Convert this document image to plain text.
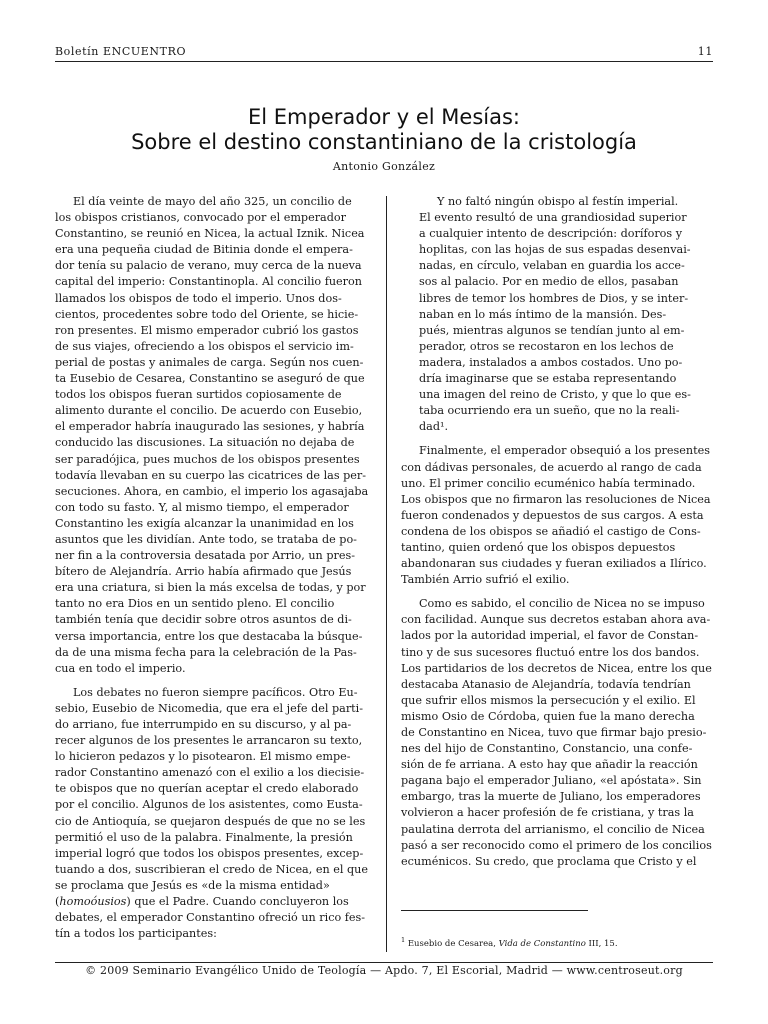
Boletín ENCUENTRO	11
El Emperador y el Mesías:
Sobre el destino constantiniano de la cristología
Antonio González
El día veinte de mayo del año 325, un concilio de
los obispos cristianos, convocado por el emperador
Constantino, se reunió en Nicea, la actual Iznik. Nicea
era una pequeña ciudad de Bitinia donde el empera-
dor tenía su palacio de verano, muy cerca de la nueva
capital del imperio: Constantinopla. Al concilio fueron
llamados los obispos de todo el imperio. Unos dos-
cientos, procedentes sobre todo del Oriente, se hicie-
ron presentes. El mismo emperador cubrió los gastos
de sus viajes, ofreciendo a los obispos el servicio im-
perial de postas y animales de carga. Según nos cuen-
ta Eusebio de Cesarea, Constantino se aseguró de que
todos los obispos fueran surtidos copiosamente de
alimento durante el concilio. De acuerdo con Eusebio,
el emperador habría inaugurado las sesiones, y habría
conducido las discusiones. La situación no dejaba de
ser paradójica, pues muchos de los obispos presentes
todavía llevaban en su cuerpo las cicatrices de las per-
secuciones. Ahora, en cambio, el imperio los agasajaba
con todo su fasto. Y, al mismo tiempo, el emperador
Constantino les exigía alcanzar la unanimidad en los
asuntos que les dividían. Ante todo, se trataba de po-
ner fin a la controversia desatada por Arrio, un pres-
bítero de Alejandría. Arrio había afirmado que Jesús
era una criatura, si bien la más excelsa de todas, y por
tanto no era Dios en un sentido pleno. El concilio
también tenía que decidir sobre otros asuntos de di-
versa importancia, entre los que destacaba la búsque-
da de una misma fecha para la celebración de la Pas-
cua en todo el imperio.
Los debates no fueron siempre pacíficos. Otro Eu-
sebio, Eusebio de Nicomedia, que era el jefe del parti-
do arriano, fue interrumpido en su discurso, y al pa-
recer algunos de los presentes le arrancaron su texto,
lo hicieron pedazos y lo pisotearon. El mismo empe-
rador Constantino amenazó con el exilio a los diecisie-
te obispos que no querían aceptar el credo elaborado
por el concilio. Algunos de los asistentes, como Eusta-
cio de Antioquía, se quejaron después de que no se les
permitió el uso de la palabra. Finalmente, la presión
imperial logró que todos los obispos presentes, excep-
tuando a dos, suscribieran el credo de Nicea, en el que
se proclama que Jesús es «de la misma entidad»
(homoóusios) que el Padre. Cuando concluyeron los
debates, el emperador Constantino ofreció un rico fes-
tín a todos los participantes:
Y no faltó ningún obispo al festín imperial.
El evento resultó de una grandiosidad superior
a cualquier intento de descripción: doríforos y
hoplitas, con las hojas de sus espadas desenvai-
nadas, en círculo, velaban en guardia los acce-
sos al palacio. Por en medio de ellos, pasaban
libres de temor los hombres de Dios, y se inter-
naban en lo más íntimo de la mansión. Des-
pués, mientras algunos se tendían junto al em-
perador, otros se recostaron en los lechos de
madera, instalados a ambos costados. Uno po-
dría imaginarse que se estaba representando
una imagen del reino de Cristo, y que lo que es-
taba ocurriendo era un sueño, que no la reali-
dad¹.
Finalmente, el emperador obsequió a los presentes
con dádivas personales, de acuerdo al rango de cada
uno. El primer concilio ecuménico había terminado.
Los obispos que no firmaron las resoluciones de Nicea
fueron condenados y depuestos de sus cargos. A esta
condena de los obispos se añadió el castigo de Cons-
tantino, quien ordenó que los obispos depuestos
abandonaran sus ciudades y fueran exiliados a Ilírico.
También Arrio sufrió el exilio.
Como es sabido, el concilio de Nicea no se impuso
con facilidad. Aunque sus decretos estaban ahora ava-
lados por la autoridad imperial, el favor de Constan-
tino y de sus sucesores fluctuó entre los dos bandos.
Los partidarios de los decretos de Nicea, entre los que
destacaba Atanasio de Alejandría, todavía tendrían
que sufrir ellos mismos la persecución y el exilio. El
mismo Osio de Córdoba, quien fue la mano derecha
de Constantino en Nicea, tuvo que firmar bajo presio-
nes del hijo de Constantino, Constancio, una confe-
sión de fe arriana. A esto hay que añadir la reacción
pagana bajo el emperador Juliano, «el apóstata». Sin
embargo, tras la muerte de Juliano, los emperadores
volvieron a hacer profesión de fe cristiana, y tras la
paulatina derrota del arrianismo, el concilio de Nicea
pasó a ser reconocido como el primero de los concilios
ecuménicos. Su credo, que proclama que Cristo y el
$^1$ Eusebio de Cesarea, Vida de Constantino III, 15.
© 2009 Seminario Evangélico Unido de Teología — Apdo. 7, El Escorial, Madrid — www.centroseut.org
